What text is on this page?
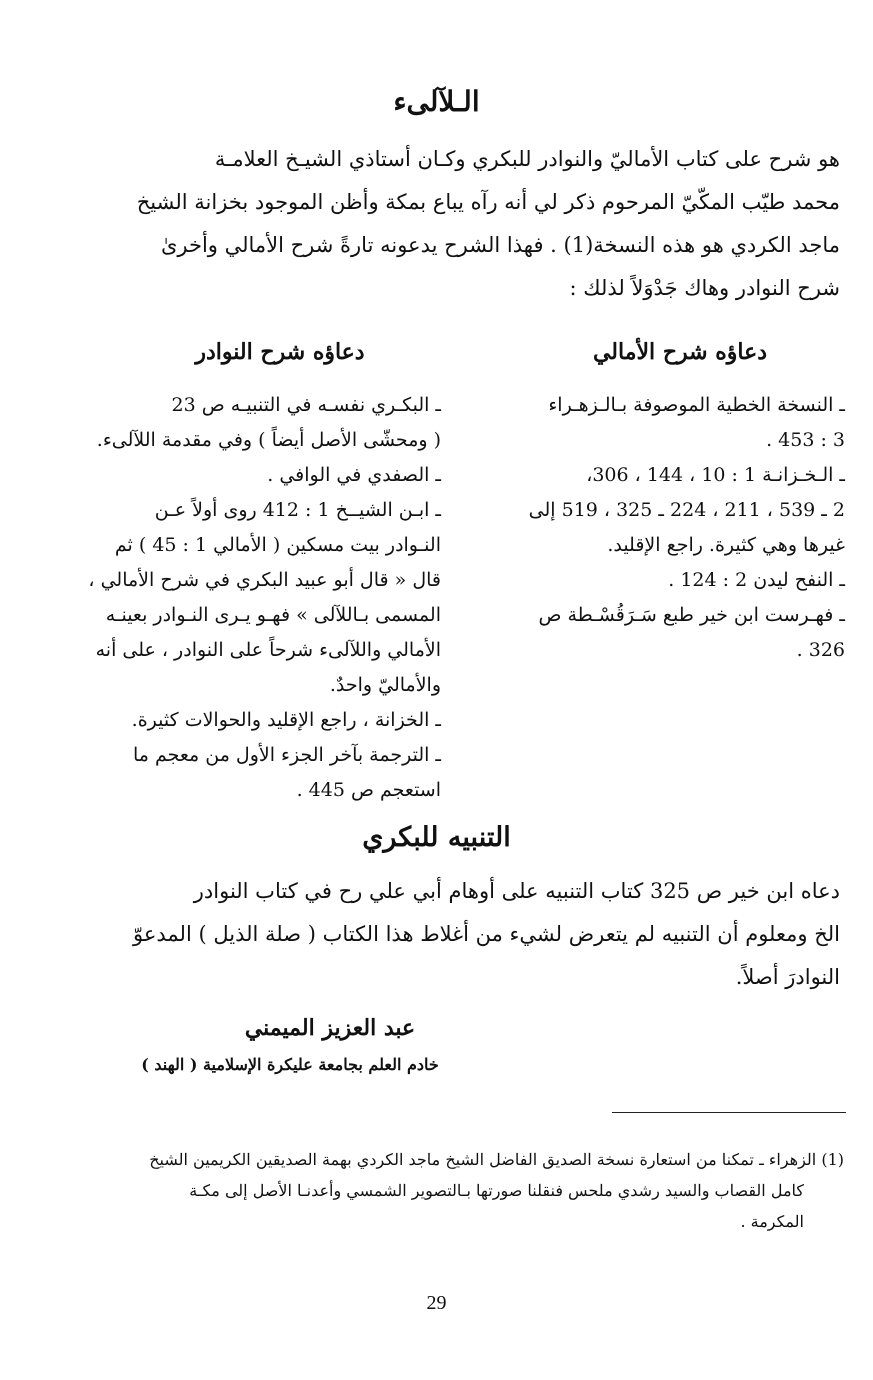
الـلآلىء
هو شرح على كتاب الأماليّ والنوادر للبكري وكـان أستاذي الشيـخ العلامـة
محمد طيّب المكّيّ المرحوم ذكر لي أنه رآه يباع بمكة وأظن الموجود بخزانة الشيخ
ماجد الكردي هو هذه النسخة(1) . فهذا الشرح يدعونه تارةً شرح الأمالي وأخرىٰ
شرح النوادر وهاك جَدْوَلاً لذلك :
دعاؤه شرح الأمالي
ـ النسخة الخطية الموصوفة بـالـزهـراء
3 : 453 .
ـ الـخـزانـة 1 : 10 ، 144 ، 306،
2 ـ 539 ، 211 ، 224 ـ 325 ، 519 إلى
غيرها وهي كثيرة. راجع الإقليد.
ـ النفح ليدن 2 : 124 .
ـ فهـرست ابن خير طبع سَـرَقُسْـطة ص
326 .
دعاؤه شرح النوادر
ـ البكـري نفسـه في التنبيـه ص 23
( ومحشّى الأصل أيضاً ) وفي مقدمة اللآلىء.
ـ الصفدي في الوافي .
ـ ابـن الشيــخ 1 : 412 روى أولاً عـن
النـوادر بيت مسكين ( الأمالي 1 : 45 ) ثم
قال « قال أبو عبيد البكري في شرح الأمالي ،
المسمى بـاللآلى » فهـو يـرى النـوادر بعينـه
الأمالي واللآلىء شرحاً على النوادر ، على أنه
والأماليّ واحدٌ.
ـ الخزانة ، راجع الإقليد والحوالات كثيرة.
ـ الترجمة بآخر الجزء الأول من معجم ما
استعجم ص 445 .
التنبيه للبكري
دعاه ابن خير ص 325 كتاب التنبيه على أوهام أبي علي رح في كتاب النوادر
الخ ومعلوم أن التنبيه لم يتعرض لشيء من أغلاط هذا الكتاب ( صلة الذيل ) المدعوّ
النوادرَ أصلاً.
عبد العزيز الميمني
خادم العلم بجامعة عليكرة الإسلامية ( الهند )
(1) الزهراء ـ تمكنا من استعارة نسخة الصديق الفاضل الشيخ ماجد الكردي بهمة الصديقين الكريمين الشيخ
كامل القصاب والسيد رشدي ملحس فنقلنا صورتها بـالتصوير الشمسي وأعدنـا الأصل إلى مكـة
المكرمة .
29
